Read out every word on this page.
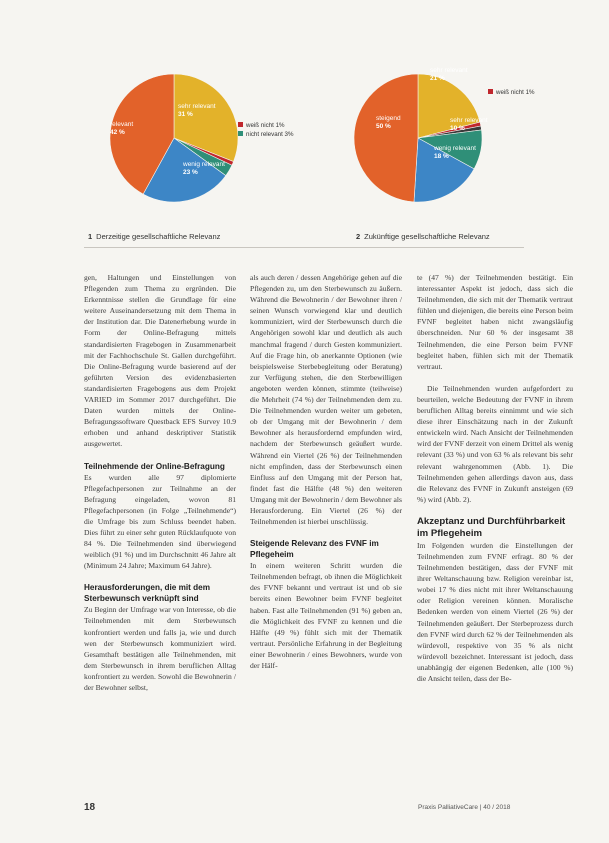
sehr relevant 31 %
wenig relevant 23 %
relevant 42 %
weiß nicht 1%
nicht relevant 3%
1 Derzeitige gesellschaftliche Relevanz
sehr relevant 21 %
sehr relevant 10 %
wenig relevant 18 %
steigend 50 %
weiß nicht 1%
2 Zukünftige gesellschaftliche Relevanz

gen, Haltungen und Einstellungen von Pflegenden zum Thema zu ergründen. Die Erkenntnisse stellen die Grundlage für eine weitere Auseinandersetzung mit dem Thema in der Institution dar. Die Datenerhebung wurde in Form der Online-Befragung mittels standardisierten Fragebogen in Zusammenarbeit mit der Fachhochschule St. Gallen durchgeführt. Die Online-Befragung wurde basierend auf der geführten Version des evidenzbasierten standardisierten Fragebogens aus dem Projekt VARIED im Sommer 2017 durchgeführt. Die Daten wurden mittels der Online-Befragungssoftware Questback EFS Survey 10.9 erhoben und anhand deskriptiver Statistik ausgewertet.

Teilnehmende der Online-Befragung

Es wurden alle 97 diplomierte Pflegefachpersonen zur Teilnahme an der Befragung eingeladen, wovon 81 Pflegefachpersonen (in Folge „Teilnehmende“) die Umfrage bis zum Schluss beendet haben. Dies führt zu einer sehr guten Rücklaufquote von 84 %. Die Teilnehmenden sind überwiegend weiblich (91 %) und im Durchschnitt 46 Jahre alt (Minimum 24 Jahre; Maximum 64 Jahre).

Herausforderungen, die mit dem Sterbewunsch verknüpft sind

Zu Beginn der Umfrage war von Interesse, ob die Teilnehmenden mit dem Sterbewunsch konfrontiert werden und falls ja, wie und durch wen der Sterbewunsch kommuniziert wird. Gesamthaft bestätigen alle Teilnehmenden, mit dem Sterbewunsch in ihrem beruflichen Alltag konfrontiert zu werden. Sowohl die Bewohnerin / der Bewohner selbst,

als auch deren / dessen Angehörige gehen auf die Pflegenden zu, um den Sterbewunsch zu äußern. Während die Bewohnerin / der Bewohner ihren / seinen Wunsch vorwiegend klar und deutlich kommuniziert, wird der Sterbewunsch durch die Angehörigen sowohl klar und deutlich als auch manchmal fragend / durch Gesten kommuniziert. Auf die Frage hin, ob anerkannte Optionen (wie beispielsweise Sterbebegleitung oder Beratung) zur Verfügung stehen, die den Sterbewilligen angeboten werden können, stimmte (teilweise) die Mehrheit (74 %) der Teilnehmenden dem zu. Die Teilnehmenden wurden weiter um gebeten, ob der Umgang mit der Bewohnerin / dem Bewohner als herausfordernd empfunden wird, nachdem der Sterbewunsch geäußert wurde. Während ein Viertel (26 %) der Teilnehmenden nicht empfinden, dass der Sterbewunsch einen Einfluss auf den Umgang mit der Person hat, findet fast die Hälfte (48 %) den weiteren Umgang mit der Bewohnerin / dem Bewohner als Herausforderung. Ein Viertel (26 %) der Teilnehmenden ist hierbei unschlüssig.

Steigende Relevanz des FVNF im Pflegeheim

In einem weiteren Schritt wurden die Teilnehmenden befragt, ob ihnen die Möglichkeit des FVNF bekannt und vertraut ist und ob sie bereits einen Bewohner beim FVNF begleitet haben. Fast alle Teilnehmenden (91 %) geben an, die Möglichkeit des FVNF zu kennen und die Hälfte (49 %) fühlt sich mit der Thematik vertraut. Persönliche Erfahrung in der Begleitung einer Bewohnerin / eines Bewohners, wurde von der Hälf-

te (47 %) der Teilnehmenden bestätigt. Ein interessanter Aspekt ist jedoch, dass sich die Teilnehmenden, die sich mit der Thematik vertraut fühlen und diejenigen, die bereits eine Person beim FVNF begleitet haben nicht zwangsläufig überschneiden. Nur 60 % der insgesamt 38 Teilnehmenden, die eine Person beim FVNF begleitet haben, fühlen sich mit der Thematik vertraut.

Die Teilnehmenden wurden aufgefordert zu beurteilen, welche Bedeutung der FVNF in ihrem beruflichen Alltag bereits einnimmt und wie sich diese ihrer Einschätzung nach in der Zukunft entwickeln wird. Nach Ansicht der Teilnehmenden wird der FVNF derzeit von einem Drittel als wenig relevant (33 %) und von 63 % als relevant bis sehr relevant wahrgenommen (Abb. 1). Die Teilnehmenden gehen allerdings davon aus, dass die Relevanz des FVNF in Zukunft ansteigen (69 %) wird (Abb. 2).

Akzeptanz und Durchführbarkeit im Pflegeheim

Im Folgenden wurden die Einstellungen der Teilnehmenden zum FVNF erfragt. 80 % der Teilnehmenden bestätigen, dass der FVNF mit ihrer Weltanschauung bzw. Religion vereinbar ist, wobei 17 % dies nicht mit ihrer Weltanschauung oder Religion vereinen können. Moralische Bedenken werden von einem Viertel (26 %) der Teilnehmenden geäußert. Der Sterbeprozess durch den FVNF wird durch 62 % der Teilnehmenden als würdevoll, respektive von 35 % als nicht würdevoll bezeichnet. Interessant ist jedoch, dass unabhängig der eigenen Bedenken, alle (100 %) die Ansicht teilen, dass der Be-

18	Praxis PalliativeCare | 40 / 2018
